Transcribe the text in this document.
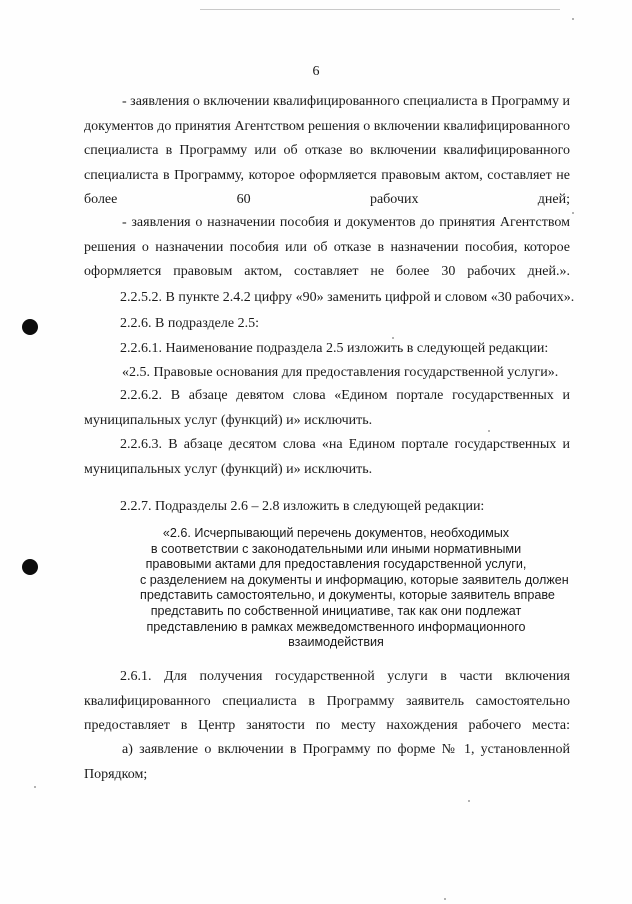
6

- заявления о включении квалифицированного специалиста в Программу и документов до принятия Агентством решения о включении квалифицированного специалиста в Программу или об отказе во включении квалифицированного специалиста в Программу, которое оформляется правовым актом, составляет не более 60 рабочих дней;

- заявления о назначении пособия и документов до принятия Агентством решения о назначении пособия или об отказе в назначении пособия, которое оформляется правовым актом, составляет не более 30 рабочих дней.».

2.2.5.2. В пункте 2.4.2 цифру «90» заменить цифрой и словом «30 рабочих».

2.2.6. В подразделе 2.5:

2.2.6.1. Наименование подраздела 2.5 изложить в следующей редакции:

«2.5. Правовые основания для предоставления государственной услуги».

2.2.6.2. В абзаце девятом слова «Едином портале государственных и муниципальных услуг (функций) и» исключить.

2.2.6.3. В абзаце десятом слова «на Едином портале государственных и муниципальных услуг (функций) и» исключить.

2.2.7. Подразделы 2.6 – 2.8 изложить в следующей редакции:

«2.6. Исчерпывающий перечень документов, необходимых
в соответствии с законодательными или иными нормативными
правовыми актами для предоставления государственной услуги,
с разделением на документы и информацию, которые заявитель должен
представить самостоятельно, и документы, которые заявитель вправе
представить по собственной инициативе, так как они подлежат
представлению в рамках межведомственного информационного
взаимодействия

2.6.1. Для получения государственной услуги в части включения квалифицированного специалиста в Программу заявитель самостоятельно предоставляет в Центр занятости по месту нахождения рабочего места:

а) заявление о включении в Программу по форме № 1, установленной Порядком;
